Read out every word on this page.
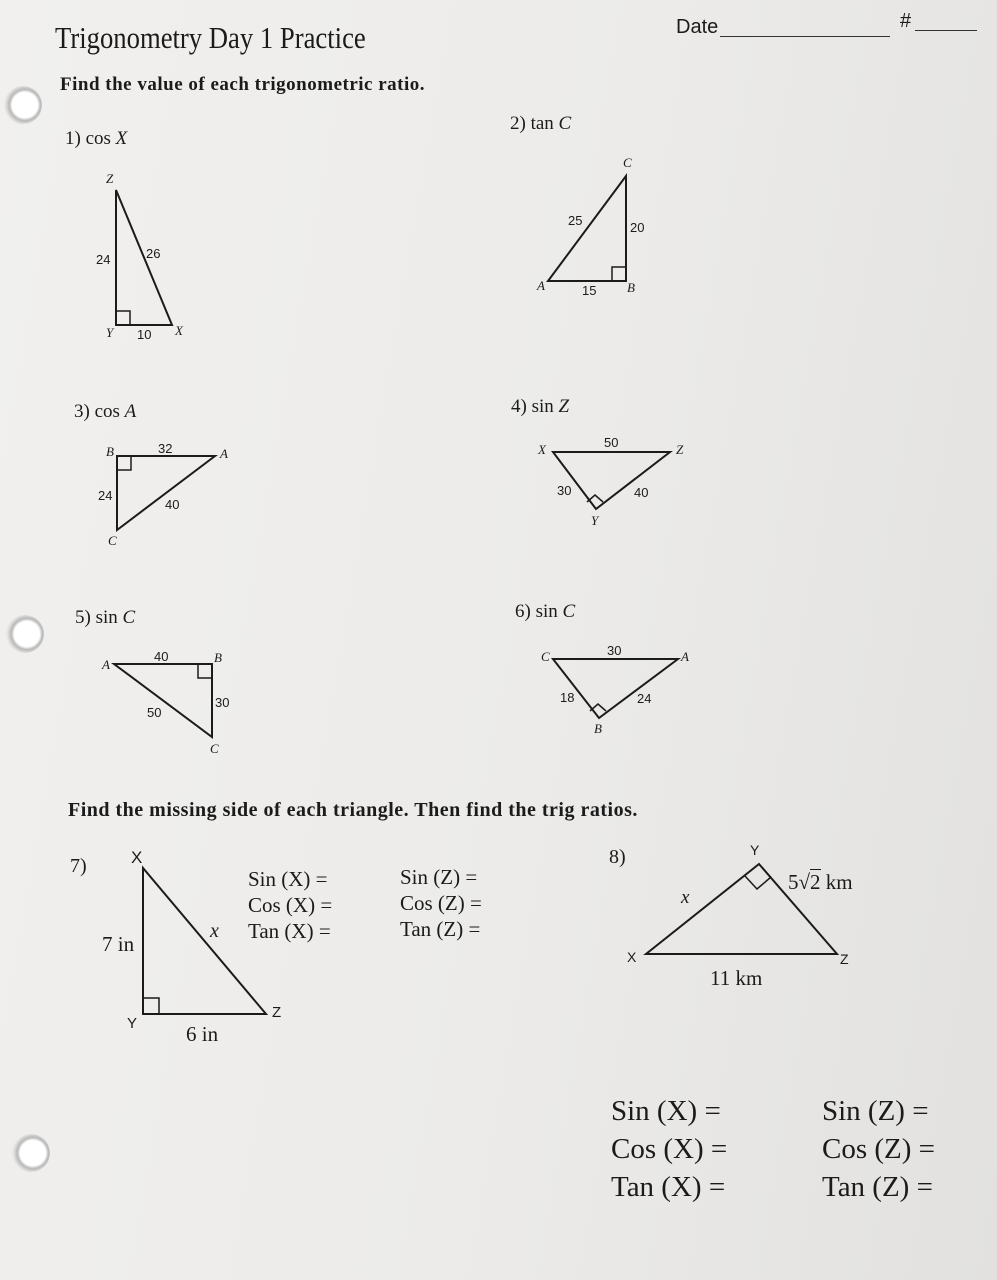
Trigonometry Day 1 Practice	Date	#
Find the value of each trigonometric ratio.
1) cos X
Z
24	26
Y 10 X
2) tan C
C
25	20
A	15 B
3) cos A
B	32	A
24
40
C
4) sin Z
X	50	Z
30	40
Y
5) sin C
A
40	B
30
50
C
6) sin C
C	30	A
18	24
B
Find the missing side of each triangle. Then find the trig ratios.
7)	X
7 in
x
Y 6 in
Z
Sin (X) =
Cos (X) =
Tan (X) =
Sin (Z) =
Cos (Z) =
Tan (Z) =
8)	Y
x
5√2 km
X	Z
11 km
Sin (X) =
Cos (X) =
Tan (X) =
Sin (Z) =
Cos (Z) =
Tan (Z) =
